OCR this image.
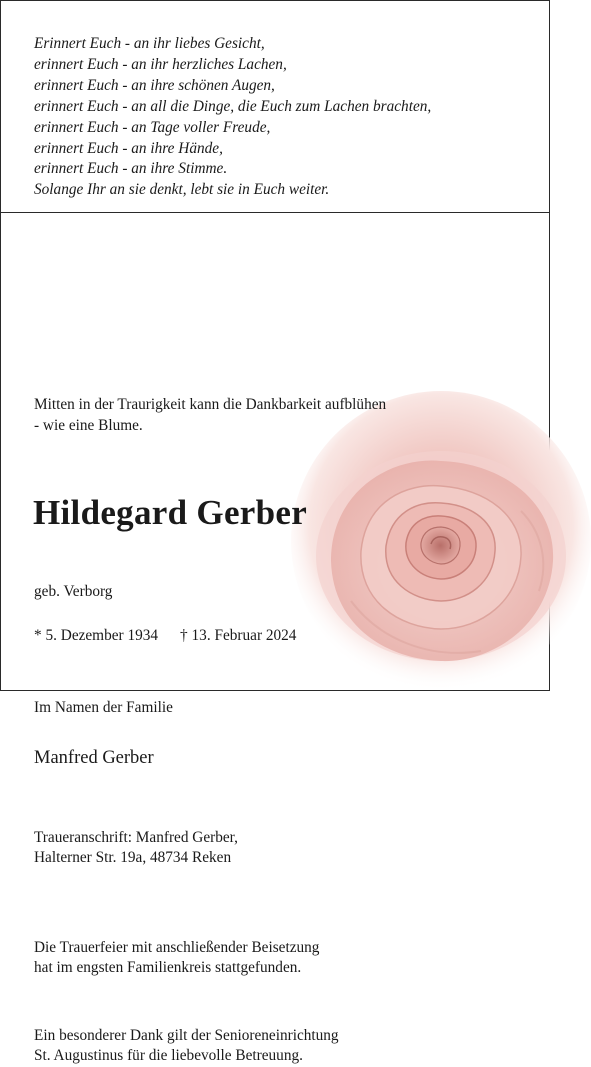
Erinnert Euch - an ihr liebes Gesicht,
erinnert Euch - an ihr herzliches Lachen,
erinnert Euch - an ihre schönen Augen,
erinnert Euch - an all die Dinge, die Euch zum Lachen brachten,
erinnert Euch - an Tage voller Freude,
erinnert Euch - an ihre Hände,
erinnert Euch - an ihre Stimme.
Solange Ihr an sie denkt, lebt sie in Euch weiter.
Mitten in der Traurigkeit kann die Dankbarkeit aufblühen
- wie eine Blume.
Hildegard Gerber
geb. Verborg
* 5. Dezember 1934 † 13. Februar 2024
Im Namen der Familie
Manfred Gerber
Traueranschrift: Manfred Gerber,
Halterner Str. 19a, 48734 Reken
Die Trauerfeier mit anschließender Beisetzung
hat im engsten Familienkreis stattgefunden.
Ein besonderer Dank gilt der Senioreneinrichtung
St. Augustinus für die liebevolle Betreuung.
